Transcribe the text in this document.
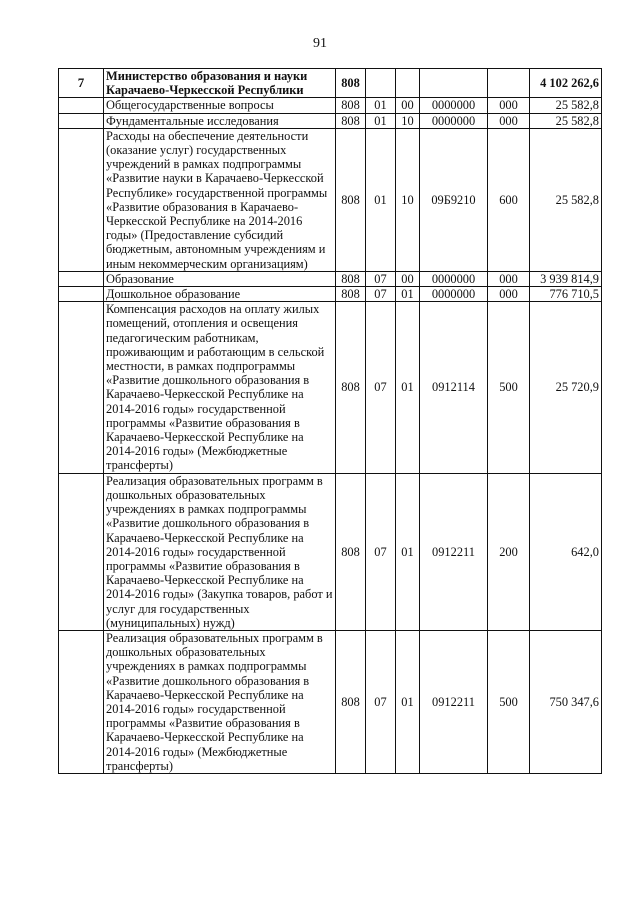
91
7	Министерство образования и науки Карачаево-Черкесской Республики	808					4 102 262,6
	Общегосударственные вопросы	808	01	00	0000000	000	25 582,8
	Фундаментальные исследования	808	01	10	0000000	000	25 582,8
	Расходы на обеспечение деятельности (оказание услуг) государственных учреждений в рамках подпрограммы «Развитие науки в Карачаево-Черкесской Республике» государственной программы «Развитие образования в Карачаево-Черкесской Республике на 2014-2016 годы» (Предоставление субсидий бюджетным, автономным учреждениям и иным некоммерческим организациям)	808	01	10	09Б9210	600	25 582,8
	Образование	808	07	00	0000000	000	3 939 814,9
	Дошкольное образование	808	07	01	0000000	000	776 710,5
	Компенсация расходов на оплату жилых помещений, отопления и освещения педагогическим работникам, проживающим и работающим в сельской местности, в рамках подпрограммы «Развитие дошкольного образования в Карачаево-Черкесской Республике на 2014-2016 годы» государственной программы «Развитие образования в Карачаево-Черкесской Республике на 2014-2016 годы» (Межбюджетные трансферты)	808	07	01	0912114	500	25 720,9
	Реализация образовательных программ в дошкольных образовательных учреждениях в рамках подпрограммы «Развитие дошкольного образования в Карачаево-Черкесской Республике на 2014-2016 годы» государственной программы «Развитие образования в Карачаево-Черкесской Республике на 2014-2016 годы» (Закупка товаров, работ и услуг для государственных (муниципальных) нужд)	808	07	01	0912211	200	642,0
	Реализация образовательных программ в дошкольных образовательных учреждениях в рамках подпрограммы «Развитие дошкольного образования в Карачаево-Черкесской Республике на 2014-2016 годы» государственной программы «Развитие образования в Карачаево-Черкесской Республике на 2014-2016 годы» (Межбюджетные трансферты)	808	07	01	0912211	500	750 347,6
